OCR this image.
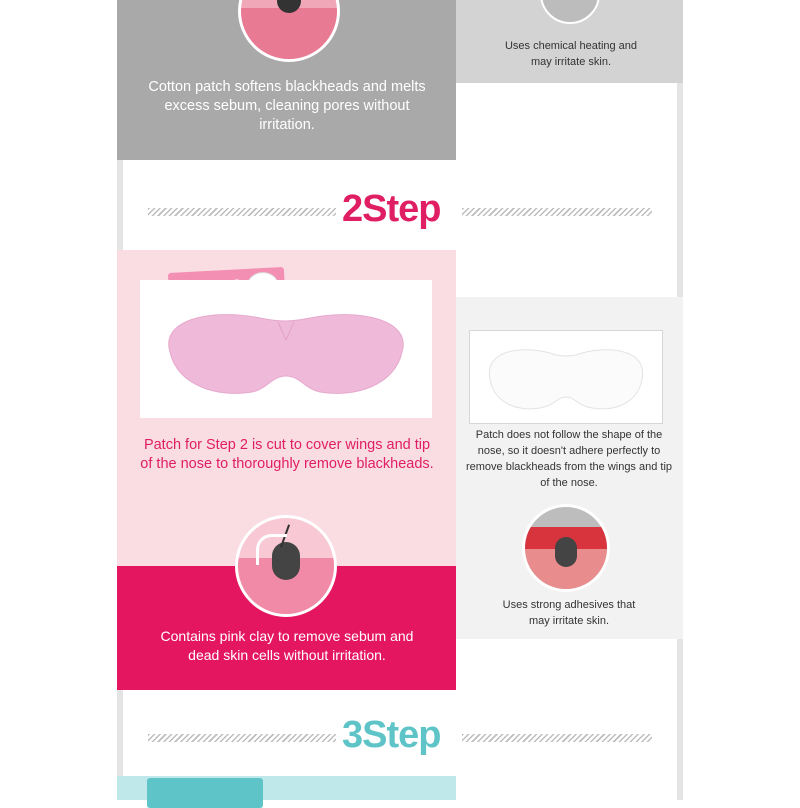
Cotton patch softens blackheads and melts excess sebum, cleaning pores without irritation.
Uses chemical heating and may irritate skin.
2Step
Patch for Step 2 is cut to cover wings and tip of the nose to thoroughly remove blackheads.
Contains pink clay to remove sebum and dead skin cells without irritation.
Patch does not follow the shape of the nose, so it doesn't adhere perfectly to remove blackheads from the wings and tip of the nose.
Uses strong adhesives that may irritate skin.
3Step
